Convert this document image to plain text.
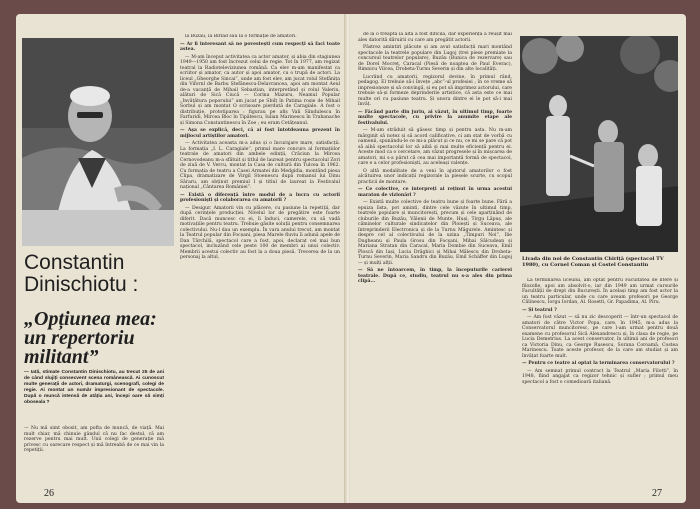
Constantin Dinischiotu :
„Opțiunea mea: un repertoriu militant”
— Iată, stimate Constantin Dinischiotu, au trecut 25 de ani de când slujiți consecvent scena românească. Ai cunoscut multe generații de actori, dramaturgi, scenografi, colegi de regie. Ai montat un număr impresionant de spectacole. După o muncă intensă de atâția ani, începi oare să simți oboseala ?
— Nu mă simt obosit, am pofta de muncă, de viață. Mai mult chiar, mă chinuie gândul că nu fac destul, că am rezerve pentru mai mult. Unii colegi de generație mă privesc cu oarecare respect și mă întreabă de ce mai vin la repetiții.

la Buzău, la Birlad sau la o formație de amatori.

— Ar fi interesant să ne povestești cum respecți să faci toate astea.

— M-am început activitatea ca actor amator, și abia din stagiunea 1949—1950 am fost încrezut celui de regie. Tot în 1977, am regizat teatral la Radioteleviziunea română. Ca elev m-am manifestat ca scriitor și amator, ca autor și apoi amator, cu o trupă de actori. La liceul „Gheorghe Sincai”, unde am fost elev, am jucat rolul Stefănița din Vifornl de Barbu Ștefănescu-Delavrancea, apoi am montat Aeul de-a vacanță de Mihail Sebastian, interpretând și rolul Valeriu, alături de Sică Ciucă — Corina Mazuru, Neamul Popular „Invățătura poporului” am jucat pe Sbilț în Patima roșie de Mihail Sorbul și am montat O scrisoare pierdută de Caragiale. A fost o distribuție, prototiparea : figurau pe afiș Vali Săndulescu în Farfuridi, Mircea Bloc în Tipătescu, Iulian Marinescu în Trahanache și Simona Constantinescu în Zoe ; eu eram Cetățeanul.

— Așa se explică, deci, că ai fost întotdeauna prezent în mijlocul artiștilor amatori.

— Activitatea aceasta m-a adus și o încurajare mare, satisfacții. La formația „I. L. Caragiale”, primul mare concurs al formațiilor teatrale de amatori din ambele edinții, Crăciun la Mircea Cernovodeanu m-a sfătuit și titlul de laureat pentru spectacolul Zori de ziuă de V. Vercu, montat la Casa de cultură din Tulcea în 1962. Cu formația de teatru a Casei Armatei din Medgidia, montând piesa Clipa, dramatizare de Virgil Stoenescu după romanul lui Dinu Săraru, am obținut premiul I și titlul de laureat la Festivalul național „Cântarea României”.

— Există o diferență între modul de a lucra cu actorii profesioniști și colaborarea cu amatorii ?

— Desigur. Amatorii vin cu plăcere, cu pasiune la repetiții, dar după cerințele producției. Nivelul lor de pregătire este foarte diferit. Dacă muncesc cu ei, îi înduci, camerele, cu să vadă motivațiile pentru teatru. Trebuie găsite soluții pentru consemnarea colectivului. Nu-l dau un exemplu. În vara anului trecut, am montat la Teatrul popular din Focșani, piesa Marele fluviu îi adună apele de Dan Tărchilă, spectacol care a fost, apoi, declarat cel mai bun spectacol, incluzând cele peste 100 de membri ai unui colectiv. Membrii acestui colectiv au fost la a doua piesă. Trecerea de la un personaj la altul,

26

de la o treaptă la alta a fost dificilă, dar experiența a reușit mai ales datorită dăruirii cu care am pregătit actorii.

Păstrez amintiri plăcute și am avut satisfacții mari montând spectacole la teatrele populare din Lugoj (trei piese premiate la concursul teatrelor populare), Buzău (Bunica de rezervare) sau de Dorel Mocreț, Caracal (Piesă de noaptea de Paul Everac), Rimnicu Vilcea, Drobeta-Turnu Severin și din alte localități.

Lucrând cu amatorii, regizorul devine, în primul rând, pedagog. El trebuie să-i învețe „abc”-ul profesiei ; în ce vreme să impresioneze și să convingă, și eu pot să imprimez actorului, care trebuie să-și formeze deprinderile artistice, că asta este ce mai multe ori cu pasiune teatru. Și unora dintre ei le pot să-i mai învăț.

— Făcând parte din juriu, ai văzut, în ultimul timp, foarte multe spectacole, cu privire la anumite etape ale festivalului.

— M-am străduit să găsesc timp și pentru asta. Nu m-am mărginit să notez și să acord calificative, ci am stat de vorbă cu oamenii, spunându-le ce mi-a plăcut și ce nu, ce mi se pare că pot să aibă spectacolul lor să aibă și mai multe eficiență pentru ei. Aceste mod ca o cercetare, am văzut progresele și în mișcarea de amatori, mi s-a părut că cea mai importantă formă de spectacol, care e a celor profesioniști, au aceleași valențe.

O altă modalitate de a veni în ajutorul amatorilor o fost alcătuirea unor indicații regizorale la piesele scurte, cu scopul practicii de montare.

— Ce colective, ce interpreți ai reținut în urma acestui maraton de vizionări ?

— Există multe colective de teatru bune și foarte bune. Fără a epuiza lista, pot aminti, dintre cele văzute în ultimul timp, teatrele populare și muncitorești, precum și cele aparținând de cluburile din Buzău, Vălenii de Munte, Huși, Tirgu Lăpuș, ale căminelor culturale sindicatelor din Ploiești și Suceava, ale întreprinderii Electronica și de la Turnu Măgurele. Amintesc și despre cel al colectivului de la uzina „Timpuri Noi”, Ilie Dugheanu și Paula Grosu din Focșani, Mihai Sălcudean și Mariana Stratan din Caracal, Maria Dombie din Suceava, Emil Ploscă din Iași, Lucia Drăghici și Mihai Mălescu din Drobeta-Turnu Severin, Maria Sandru din Buzău, Emil Schäffer din Lugoj — și mulți alții.

— Să ne întoarcem, în timp, la începuturile carierei teatrale. După ce, studiu, teatrul nu s-a ales din prima clipă...

Livada din noi de Constantin Chiriță (spectacol TV 1980), cu Cornel Coman și Costel Constantin

La terminarea liceului, am optat pentru Facultatea de litere și filozofie, apoi am absolvit-o, iar din 1949 am urmat cursurile Facultății de drept din București. În același timp am fost actor la un teatru particular, unde cu care aveam profesori pe George Călinescu, Iorgu Iordan, Al. Rosetti, Gr. Papadima, Al. Piru.

— Și teatrul ?

— Am fost văzut — să nu zic descoperit — într-un spectacol de amatori de către Victor Popa, care, în 1945, m-a adus la Conservatorul muncitoresc, pe care l-am urmat pentru două examene cu profesorul Sică Alexandrescu și, în clasa de regie, pe Lucia Demetrius. La acest conservator, în ultimii ani de profesori ca Victoria Dinu, ca George Rusescu, Sorana Coroamă, Costea Marinescu. Toate aceste profesor, de la care am studiat și am învățat foarte mult.

— Pentru ce teatre ai optat la terminarea conservatorului ?

— Am semnat primul contract la Teatrul „Maria Filotti”, în 1948, fiind angajat ca regizor tehnic și sufler ; primul meu spectacol a fost o comedioară italiană.

27
